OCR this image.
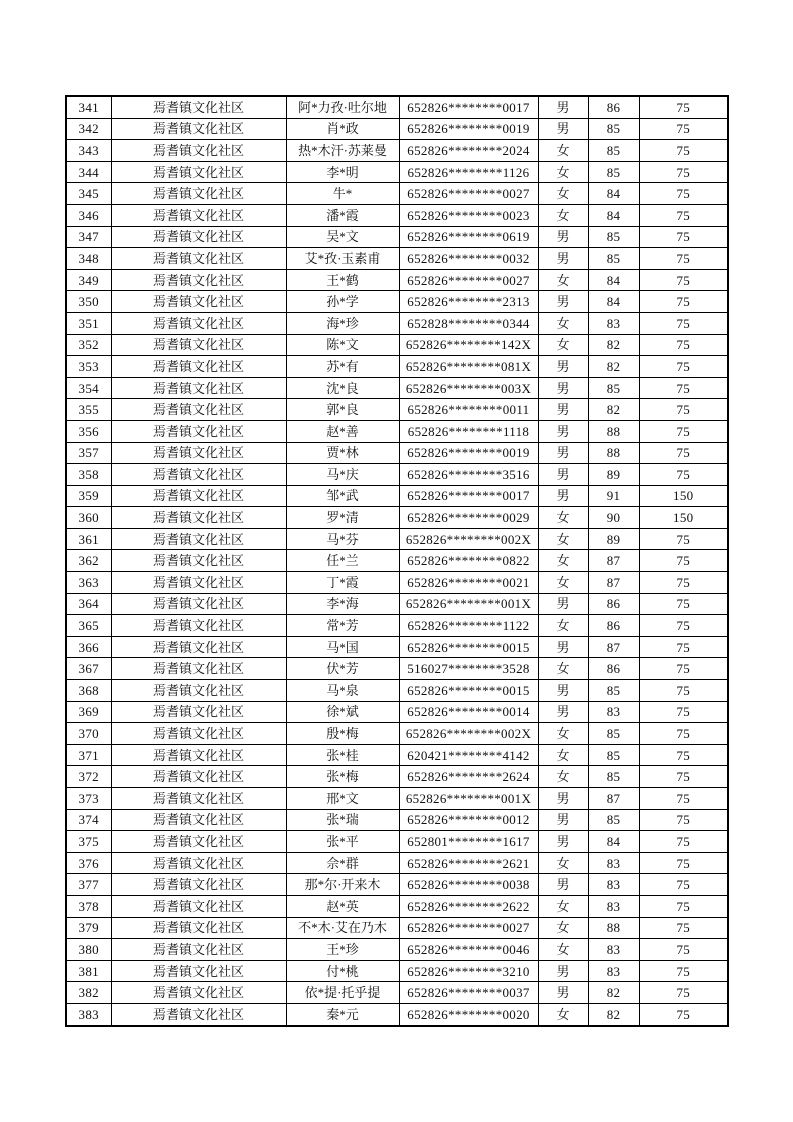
341	焉耆镇文化社区	阿*力孜·吐尔地	652826********0017	男	86	75
342	焉耆镇文化社区	肖*政	652826********0019	男	85	75
343	焉耆镇文化社区	热*木汗·苏莱曼	652826********2024	女	85	75
344	焉耆镇文化社区	李*明	652826********1126	女	85	75
345	焉耆镇文化社区	牛*	652826********0027	女	84	75
346	焉耆镇文化社区	潘*霞	652826********0023	女	84	75
347	焉耆镇文化社区	吴*文	652826********0619	男	85	75
348	焉耆镇文化社区	艾*孜·玉素甫	652826********0032	男	85	75
349	焉耆镇文化社区	王*鹤	652826********0027	女	84	75
350	焉耆镇文化社区	孙*学	652826********2313	男	84	75
351	焉耆镇文化社区	海*珍	652828********0344	女	83	75
352	焉耆镇文化社区	陈*文	652826********142X	女	82	75
353	焉耆镇文化社区	苏*有	652826********081X	男	82	75
354	焉耆镇文化社区	沈*良	652826********003X	男	85	75
355	焉耆镇文化社区	郭*良	652826********0011	男	82	75
356	焉耆镇文化社区	赵*善	652826********1118	男	88	75
357	焉耆镇文化社区	贾*林	652826********0019	男	88	75
358	焉耆镇文化社区	马*庆	652826********3516	男	89	75
359	焉耆镇文化社区	邹*武	652826********0017	男	91	150
360	焉耆镇文化社区	罗*清	652826********0029	女	90	150
361	焉耆镇文化社区	马*芬	652826********002X	女	89	75
362	焉耆镇文化社区	任*兰	652826********0822	女	87	75
363	焉耆镇文化社区	丁*霞	652826********0021	女	87	75
364	焉耆镇文化社区	李*海	652826********001X	男	86	75
365	焉耆镇文化社区	常*芳	652826********1122	女	86	75
366	焉耆镇文化社区	马*国	652826********0015	男	87	75
367	焉耆镇文化社区	伏*芳	516027********3528	女	86	75
368	焉耆镇文化社区	马*泉	652826********0015	男	85	75
369	焉耆镇文化社区	徐*斌	652826********0014	男	83	75
370	焉耆镇文化社区	殷*梅	652826********002X	女	85	75
371	焉耆镇文化社区	张*桂	620421********4142	女	85	75
372	焉耆镇文化社区	张*梅	652826********2624	女	85	75
373	焉耆镇文化社区	邢*文	652826********001X	男	87	75
374	焉耆镇文化社区	张*瑞	652826********0012	男	85	75
375	焉耆镇文化社区	张*平	652801********1617	男	84	75
376	焉耆镇文化社区	佘*群	652826********2621	女	83	75
377	焉耆镇文化社区	那*尔·开来木	652826********0038	男	83	75
378	焉耆镇文化社区	赵*英	652826********2622	女	83	75
379	焉耆镇文化社区	不*木·艾在乃木	652826********0027	女	88	75
380	焉耆镇文化社区	王*珍	652826********0046	女	83	75
381	焉耆镇文化社区	付*桃	652826********3210	男	83	75
382	焉耆镇文化社区	依*提·托乎提	652826********0037	男	82	75
383	焉耆镇文化社区	秦*元	652826********0020	女	82	75
